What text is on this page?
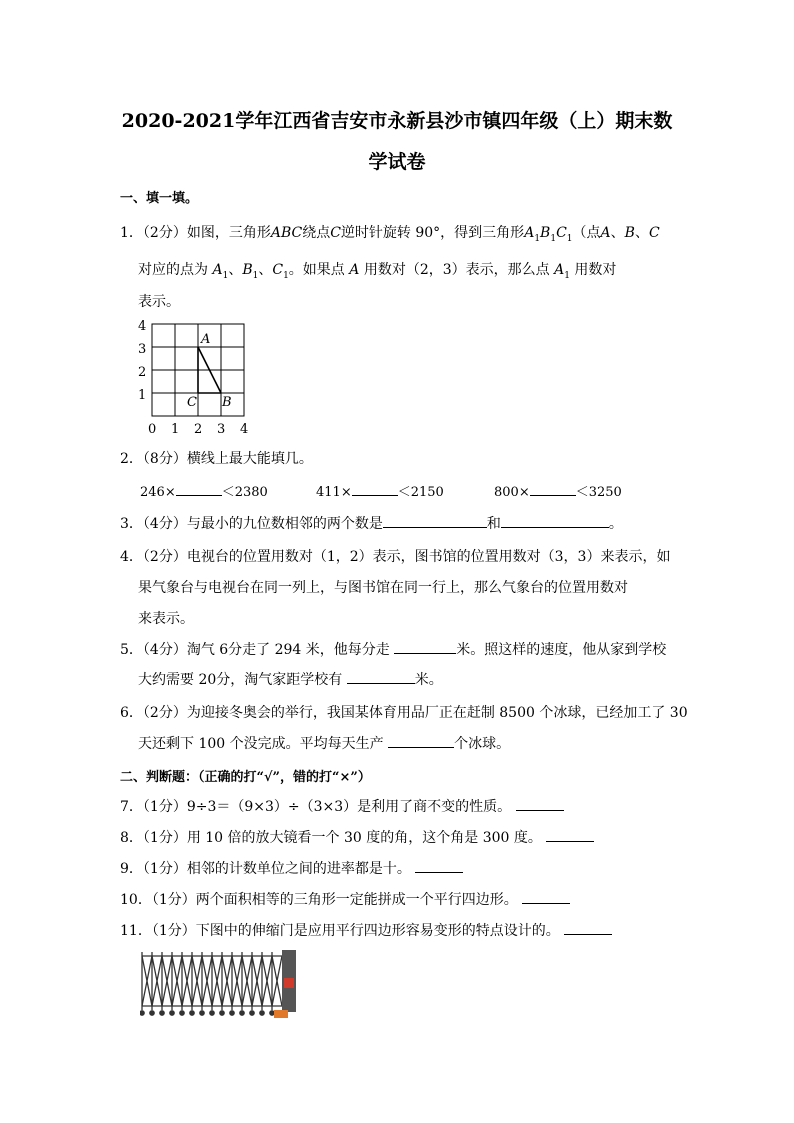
2020-2021学年江西省吉安市永新县沙市镇四年级（上）期末数
学试卷
一、填一填。
1．（2分）如图，三角形ABC绕点C逆时针旋转 90°，得到三角形$A_1B_1C_1$（点A、B、C
对应的点为 $A_1$、$B_1$、$C_1$。如果点 A 用数对（2，3）表示，那么点 $A_1$ 用数对
表示。
4
3
2
1
0 1 2 3 4
A
B
C
2．（8分）横线上最大能填几。
246×	＜2380	411×	＜2150	800×	＜3250
3．（4分）与最小的九位数相邻的两个数是	和	。
4．（2分）电视台的位置用数对（1，2）表示，图书馆的位置用数对（3，3）来表示，如
果气象台与电视台在同一列上，与图书馆在同一行上，那么气象台的位置用数对
来表示。
5．（4分）淘气 6分走了 294 米，他每分走	米。照这样的速度，他从家到学校
大约需要 20分，淘气家距学校有	米。
6．（2分）为迎接冬奥会的举行，我国某体育用品厂正在赶制 8500 个冰球，已经加工了 30
天还剩下 100 个没完成。平均每天生产	个冰球。
二、判断题：（正确的打“√”，错的打“×”）
7．（1分）9÷3＝（9×3）÷（3×3）是利用了商不变的性质。
8．（1分）用 10 倍的放大镜看一个 30 度的角，这个角是 300 度。
9．（1分）相邻的计数单位之间的进率都是十。
10．（1分）两个面积相等的三角形一定能拼成一个平行四边形。
11．（1分）下图中的伸缩门是应用平行四边形容易变形的特点设计的。
